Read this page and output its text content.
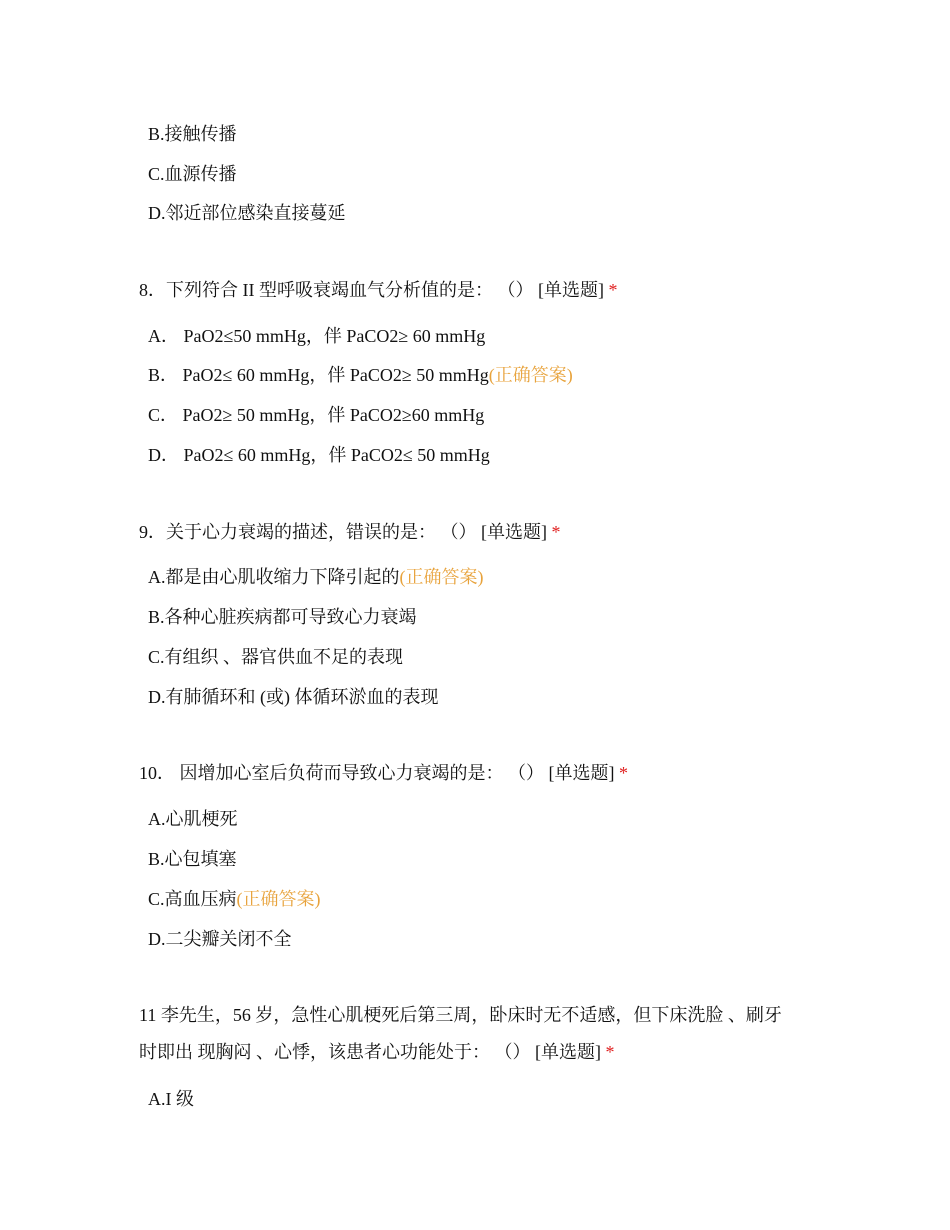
B.接触传播
C.血源传播
D.邻近部位感染直接蔓延
8．下列符合 II 型呼吸衰竭血气分析值的是： （） [单选题] *
A． PaO2≤50 mmHg，伴 PaCO2≥ 60 mmHg
B． PaO2≤ 60 mmHg，伴 PaCO2≥ 50 mmHg(正确答案)
C． PaO2≥ 50 mmHg，伴 PaCO2≥60 mmHg
D． PaO2≤ 60 mmHg，伴 PaCO2≤ 50 mmHg
9．关于心力衰竭的描述，错误的是： （） [单选题] *
A.都是由心肌收缩力下降引起的(正确答案)
B.各种心脏疾病都可导致心力衰竭
C.有组织 、器官供血不足的表现
D.有肺循环和 (或) 体循环淤血的表现
10． 因增加心室后负荷而导致心力衰竭的是： （） [单选题] *
A.心肌梗死
B.心包填塞
C.高血压病(正确答案)
D.二尖瓣关闭不全
11 李先生，56 岁，急性心肌梗死后第三周，卧床时无不适感，但下床洗脸 、刷牙
时即出 现胸闷 、心悸，该患者心功能处于： （） [单选题] *
A.I 级
